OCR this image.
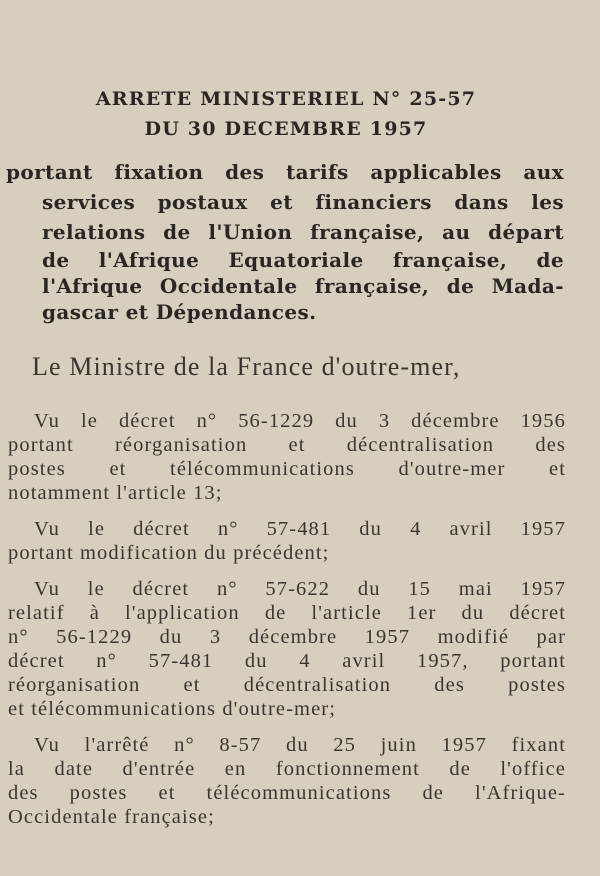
ARRETE MINISTERIEL N° 25-57
DU 30 DECEMBRE 1957
portant fixation des tarifs applicables aux
services postaux et financiers dans les
relations de l'Union française, au départ
de l'Afrique Equatoriale française, de
l'Afrique Occidentale française, de Mada-
gascar et Dépendances.
Le Ministre de la France d'outre-mer,
Vu le décret n° 56-1229 du 3 décembre 1956
portant réorganisation et décentralisation des
postes et télécommunications d'outre-mer et
notamment l'article 13;
Vu le décret n° 57-481 du 4 avril 1957
portant modification du précédent;
Vu le décret n° 57-622 du 15 mai 1957
relatif à l'application de l'article 1er du décret
n° 56-1229 du 3 décembre 1957 modifié par
décret n° 57-481 du 4 avril 1957, portant
réorganisation et décentralisation des postes
et télécommunications d'outre-mer;
Vu l'arrêté n° 8-57 du 25 juin 1957 fixant
la date d'entrée en fonctionnement de l'office
des postes et télécommunications de l'Afrique-
Occidentale française;
